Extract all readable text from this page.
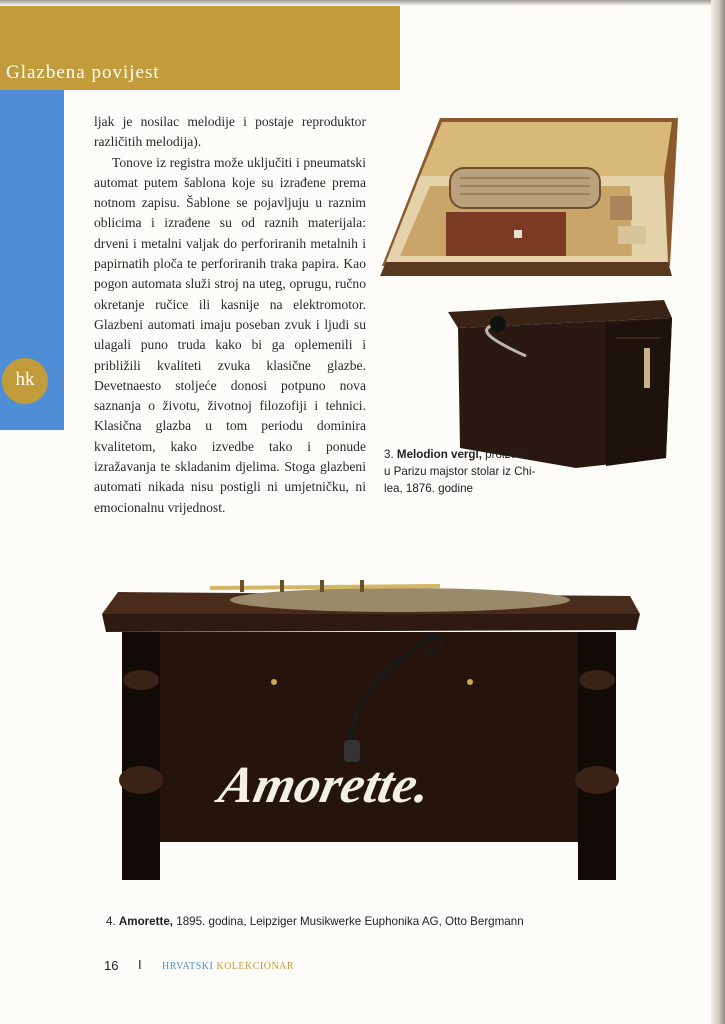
Glazbena povijest
hk

ljak je nosilac melodije i postaje reproduktor različitih melodija).

Tonove iz registra može uključiti i pneumatski automat putem šablona koje su izrađene prema notnom zapisu. Šablone se pojavljuju u raznim oblicima i izrađene su od raznih materijala: drveni i metalni valjak do perforiranih metalnih i papirnatih ploča te perforiranih traka papira. Kao pogon automata služi stroj na uteg, oprugu, ručno okretanje ručice ili kasnije na elektromotor. Glazbeni automati imaju poseban zvuk i ljudi su ulagali puno truda kako bi ga oplemenili i približili kvaliteti zvuka klasične glazbe. Devetnaesto stoljeće donosi potpuno nova saznanja o životu, životnoj filozofiji i tehnici. Klasična glazba u tom periodu dominira kvalitetom, kako izvedbe tako i ponude izražavanja te skladanim djelima. Stoga glazbeni automati nikada nisu postigli ni umjetničku, ni emocionalnu vrijednost.

3. Melodion vergl, proizveo
u Parizu majstor stolar iz Chi-
lea, 1876. godine
Amorette.
4. Amorette, 1895. godina, Leipziger Musikwerke Euphonika AG, Otto Bergmann
16 I HRVATSKI KOLEKCIONAR
